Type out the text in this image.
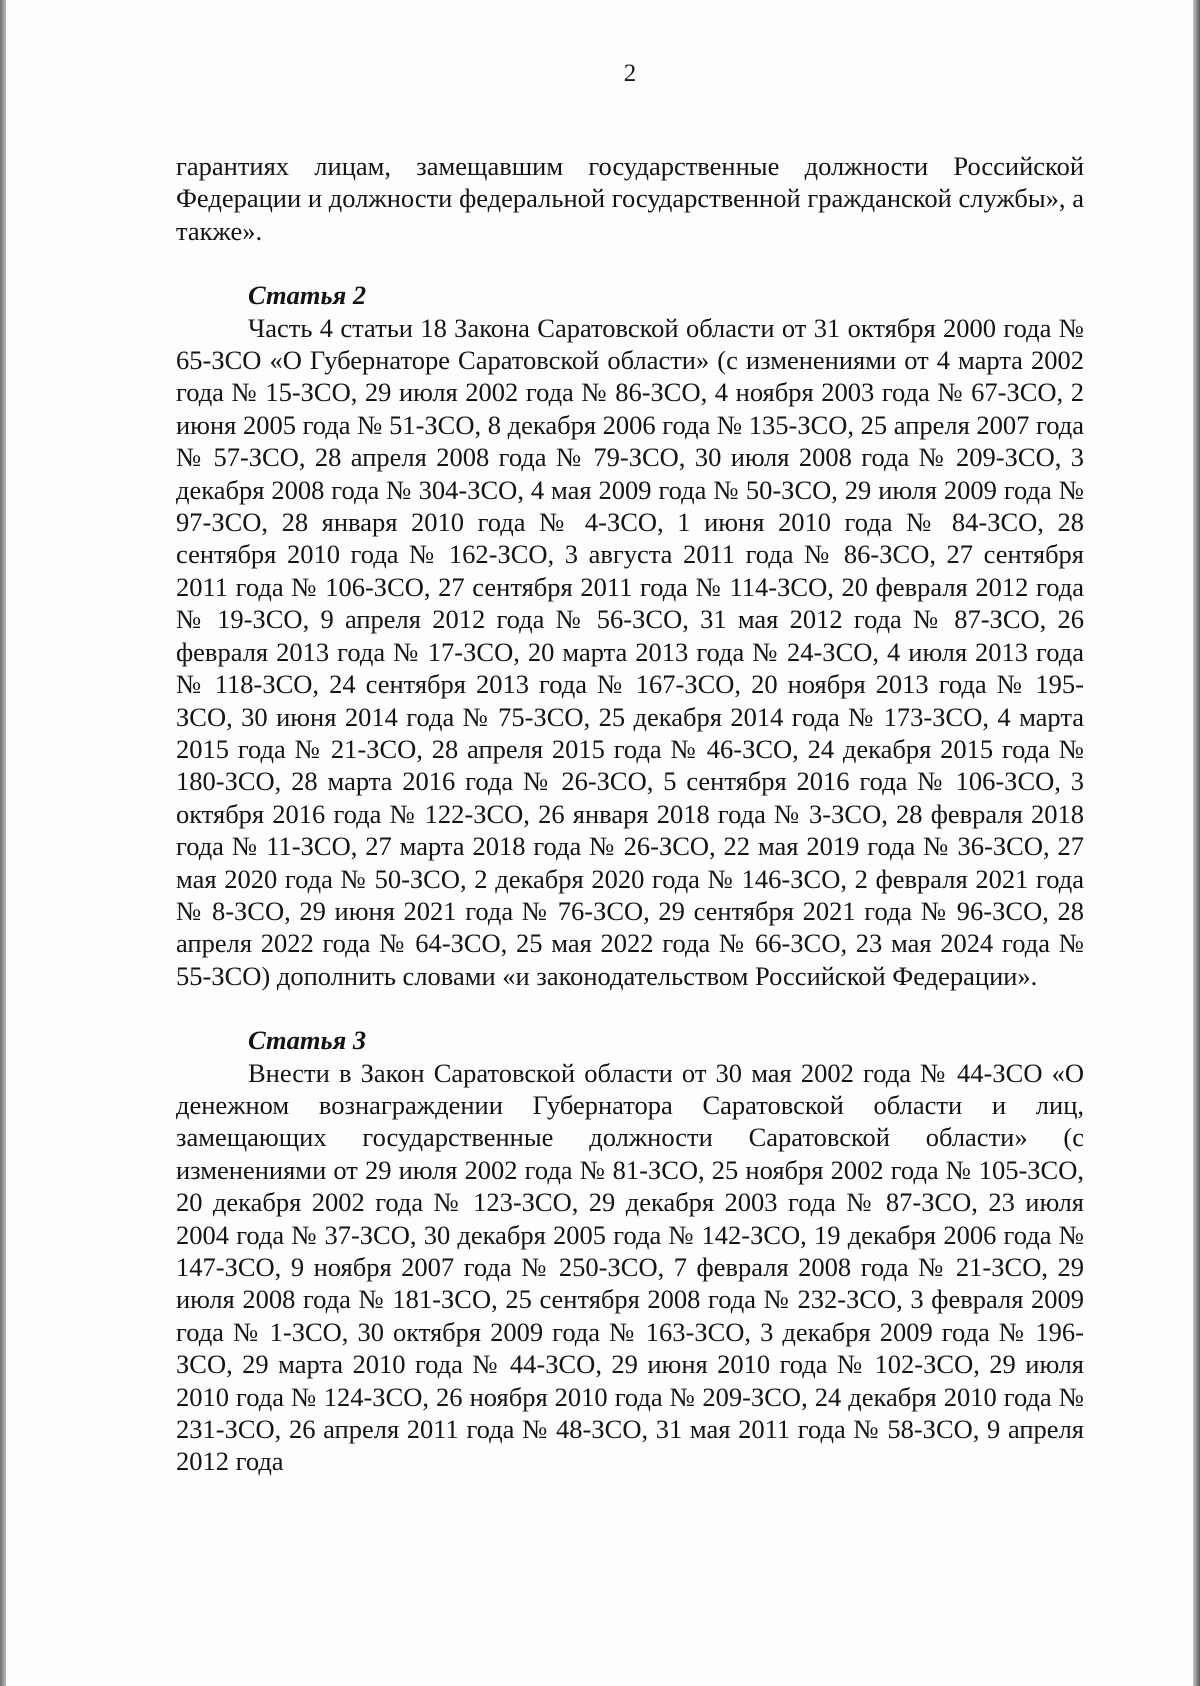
2

гарантиях лицам, замещавшим государственные должности Российской Федерации и должности федеральной государственной гражданской службы», а также».

Статья 2

Часть 4 статьи 18 Закона Саратовской области от 31 октября 2000 года № 65-ЗСО «О Губернаторе Саратовской области» (с изменениями от 4 марта 2002 года № 15-ЗСО, 29 июля 2002 года № 86-ЗСО, 4 ноября 2003 года № 67-ЗСО, 2 июня 2005 года № 51-ЗСО, 8 декабря 2006 года № 135-ЗСО, 25 апреля 2007 года № 57-ЗСО, 28 апреля 2008 года № 79-ЗСО, 30 июля 2008 года № 209-ЗСО, 3 декабря 2008 года № 304-ЗСО, 4 мая 2009 года № 50-ЗСО, 29 июля 2009 года № 97-ЗСО, 28 января 2010 года № 4-ЗСО, 1 июня 2010 года № 84-ЗСО, 28 сентября 2010 года № 162-ЗСО, 3 августа 2011 года № 86-ЗСО, 27 сентября 2011 года № 106-ЗСО, 27 сентября 2011 года № 114-ЗСО, 20 февраля 2012 года № 19-ЗСО, 9 апреля 2012 года № 56-ЗСО, 31 мая 2012 года № 87-ЗСО, 26 февраля 2013 года № 17-ЗСО, 20 марта 2013 года № 24-ЗСО, 4 июля 2013 года № 118-ЗСО, 24 сентября 2013 года № 167-ЗСО, 20 ноября 2013 года № 195-ЗСО, 30 июня 2014 года № 75-ЗСО, 25 декабря 2014 года № 173-ЗСО, 4 марта 2015 года № 21-ЗСО, 28 апреля 2015 года № 46-ЗСО, 24 декабря 2015 года № 180-ЗСО, 28 марта 2016 года № 26-ЗСО, 5 сентября 2016 года № 106-ЗСО, 3 октября 2016 года № 122-ЗСО, 26 января 2018 года № 3-ЗСО, 28 февраля 2018 года № 11-ЗСО, 27 марта 2018 года № 26-ЗСО, 22 мая 2019 года № 36-ЗСО, 27 мая 2020 года № 50-ЗСО, 2 декабря 2020 года № 146-ЗСО, 2 февраля 2021 года № 8-ЗСО, 29 июня 2021 года № 76-ЗСО, 29 сентября 2021 года № 96-ЗСО, 28 апреля 2022 года № 64-ЗСО, 25 мая 2022 года № 66-ЗСО, 23 мая 2024 года № 55-ЗСО) дополнить словами «и законодательством Российской Федерации».

Статья 3

Внести в Закон Саратовской области от 30 мая 2002 года № 44-ЗСО «О денежном вознаграждении Губернатора Саратовской области и лиц, замещающих государственные должности Саратовской области» (с изменениями от 29 июля 2002 года № 81-ЗСО, 25 ноября 2002 года № 105-ЗСО, 20 декабря 2002 года № 123-ЗСО, 29 декабря 2003 года № 87-ЗСО, 23 июля 2004 года № 37-ЗСО, 30 декабря 2005 года № 142-ЗСО, 19 декабря 2006 года № 147-ЗСО, 9 ноября 2007 года № 250-ЗСО, 7 февраля 2008 года № 21-ЗСО, 29 июля 2008 года № 181-ЗСО, 25 сентября 2008 года № 232-ЗСО, 3 февраля 2009 года № 1-ЗСО, 30 октября 2009 года № 163-ЗСО, 3 декабря 2009 года № 196-ЗСО, 29 марта 2010 года № 44-ЗСО, 29 июня 2010 года № 102-ЗСО, 29 июля 2010 года № 124-ЗСО, 26 ноября 2010 года № 209-ЗСО, 24 декабря 2010 года № 231-ЗСО, 26 апреля 2011 года № 48-ЗСО, 31 мая 2011 года № 58-ЗСО, 9 апреля 2012 года
